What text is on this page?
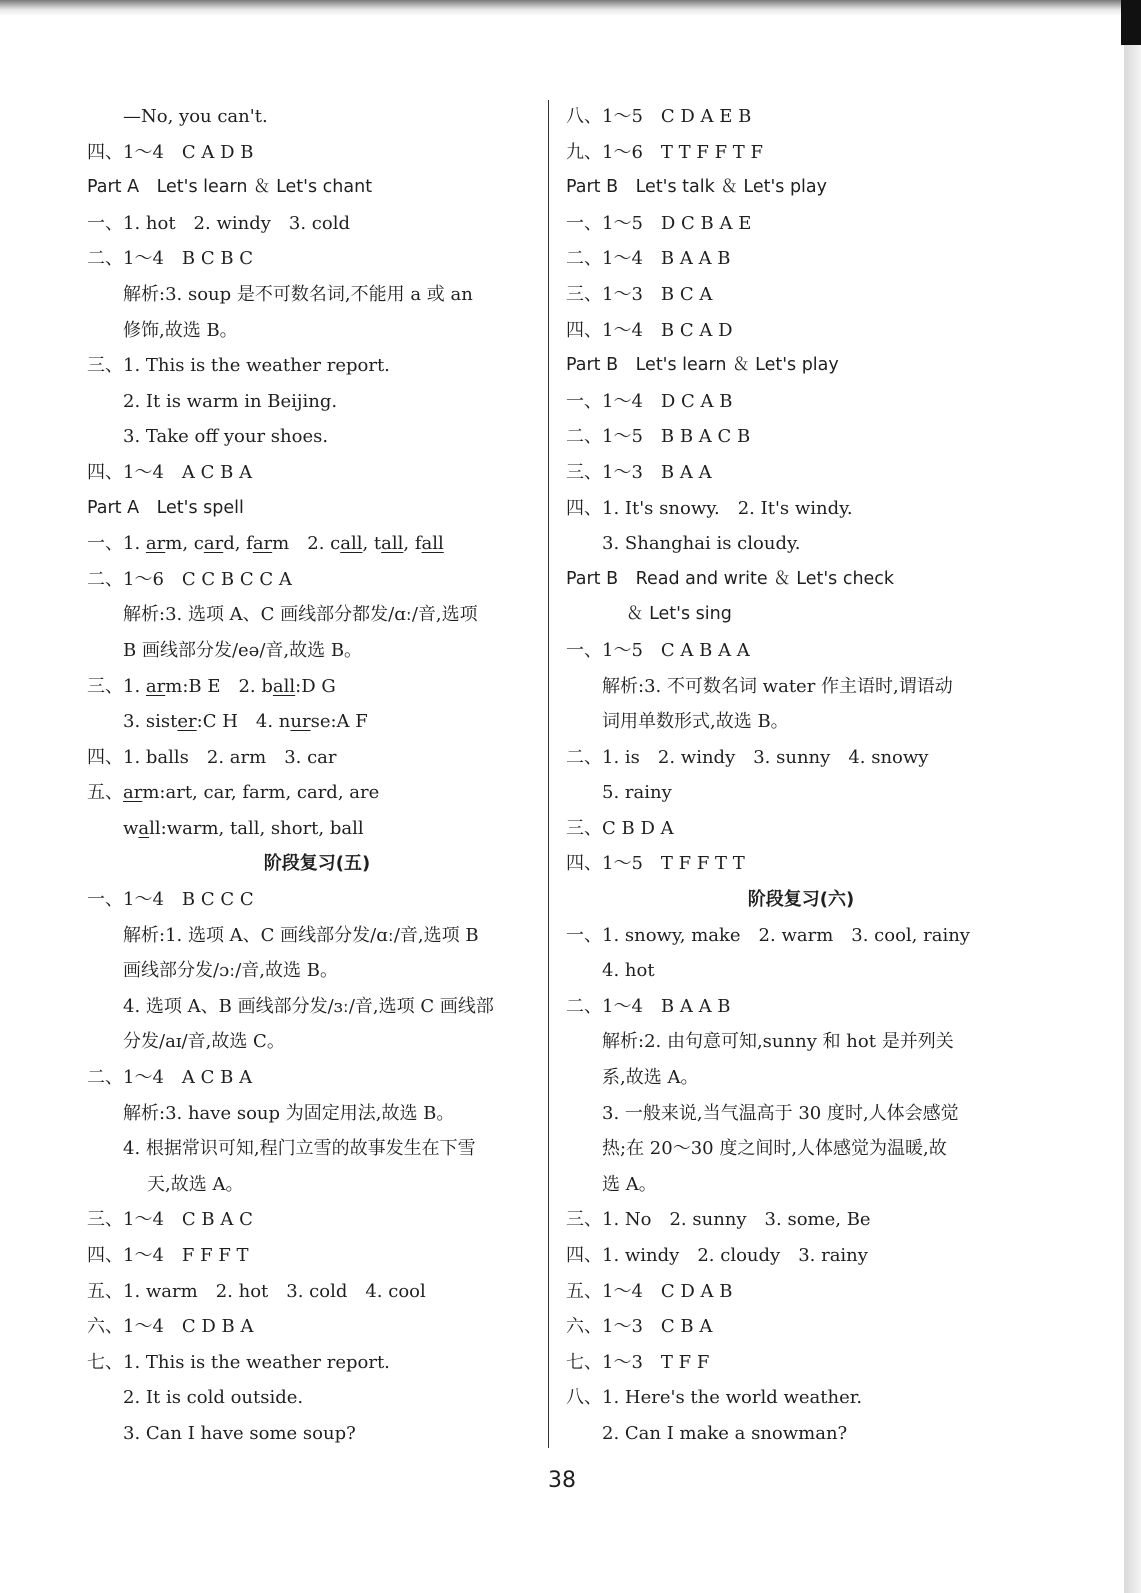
—No, you can't.
四、1～4　C A D B
Part A　Let's learn ＆ Let's chant
一、1. hot　2. windy　3. cold
二、1～4　B C B C
解析:3. soup 是不可数名词,不能用 a 或 an
修饰,故选 B。
三、1. This is the weather report.
2. It is warm in Beijing.
3. Take off your shoes.
四、1～4　A C B A
Part A　Let's spell
一、1. arm, card, farm　2. call, tall, fall
二、1～6　C C B C C A
解析:3. 选项 A、C 画线部分都发/ɑː/音,选项
B 画线部分发/eə/音,故选 B。
三、1. arm:B E　2. ball:D G
3. sister:C H　4. nurse:A F
四、1. balls　2. arm　3. car
五、arm:art, car, farm, card, are
wall:warm, tall, short, ball
阶段复习(五)
一、1～4　B C C C
解析:1. 选项 A、C 画线部分发/ɑː/音,选项 B
画线部分发/ɔː/音,故选 B。
4. 选项 A、B 画线部分发/ɜː/音,选项 C 画线部
分发/aɪ/音,故选 C。
二、1～4　A C B A
解析:3. have soup 为固定用法,故选 B。
4. 根据常识可知,程门立雪的故事发生在下雪
天,故选 A。
三、1～4　C B A C
四、1～4　F F F T
五、1. warm　2. hot　3. cold　4. cool
六、1～4　C D B A
七、1. This is the weather report.
2. It is cold outside.
3. Can I have some soup?
八、1～5　C D A E B
九、1～6　T T F F T F
Part B　Let's talk ＆ Let's play
一、1～5　D C B A E
二、1～4　B A A B
三、1～3　B C A
四、1～4　B C A D
Part B　Let's learn ＆ Let's play
一、1～4　D C A B
二、1～5　B B A C B
三、1～3　B A A
四、1. It's snowy.　2. It's windy.
3. Shanghai is cloudy.
Part B　Read and write ＆ Let's check
＆ Let's sing
一、1～5　C A B A A
解析:3. 不可数名词 water 作主语时,谓语动
词用单数形式,故选 B。
二、1. is　2. windy　3. sunny　4. snowy
5. rainy
三、C B D A
四、1～5　T F F T T
阶段复习(六)
一、1. snowy, make　2. warm　3. cool, rainy
4. hot
二、1～4　B A A B
解析:2. 由句意可知,sunny 和 hot 是并列关
系,故选 A。
3. 一般来说,当气温高于 30 度时,人体会感觉
热;在 20～30 度之间时,人体感觉为温暖,故
选 A。
三、1. No　2. sunny　3. some, Be
四、1. windy　2. cloudy　3. rainy
五、1～4　C D A B
六、1～3　C B A
七、1～3　T F F
八、1. Here's the world weather.
2. Can I make a snowman?
38
